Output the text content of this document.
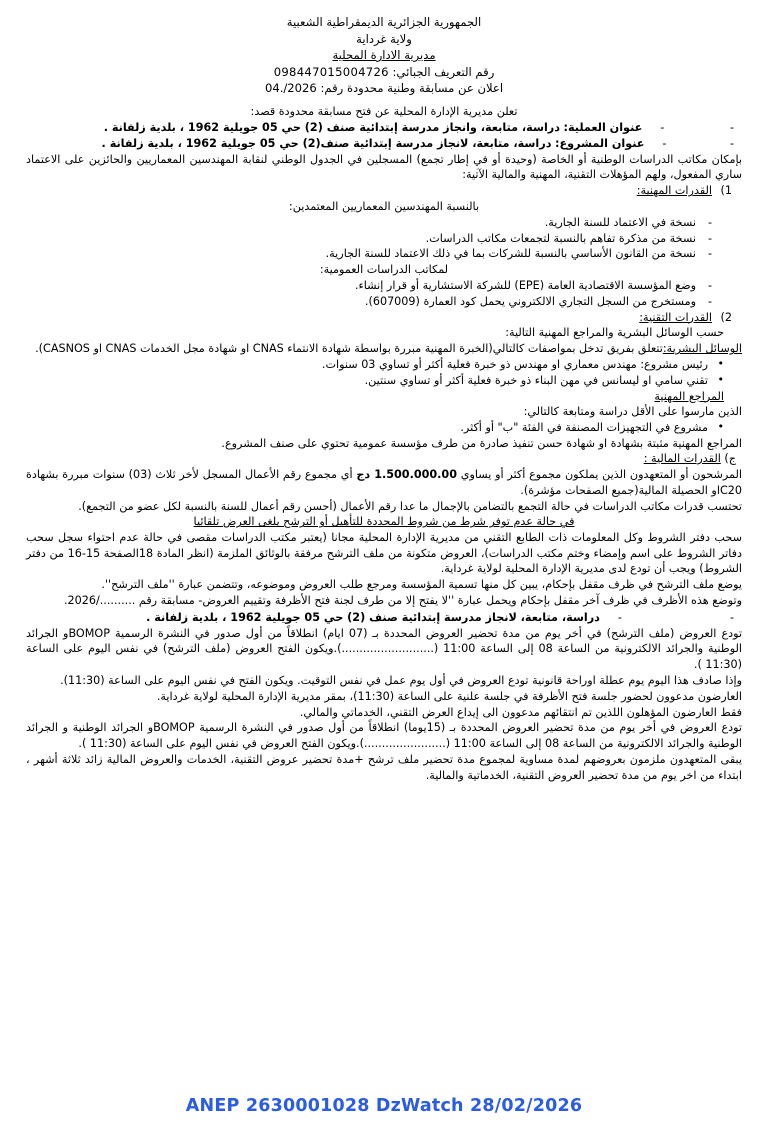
الجمهورية الجزائرية الديمقراطية الشعبية
ولاية غرداية
مديرية الادارة المحلية
رقم التعريف الجبائي: 098447015004726
اعلان عن مسابقة وطنية محدودة رقم: 2026/.04
تعلن مديرية الإدارة المحلية عن فتح مسابقة محدودة قصد:
- -عنوان العملية: دراسة، متابعة، وانجاز مدرسة إبتدائية صنف (2) حي 05 جويلية 1962 ، بلدية زلفانة .
- -عنوان المشروع: دراسة، متابعة، لانجاز مدرسة إبتدائية صنف(2) حي 05 جويلية 1962 ، بلدية زلفانة .
بإمكان مكاتب الدراسات الوطنية أو الخاصة (وحيدة أو في إطار تجمع) المسجلين في الجدول الوطني لنقابة المهندسين المعماريين والحائزين على الاعتماد ساري المفعول، ولهم المؤهلات التقنية، المهنية والمالية الآتية:
1)
القدرات المهنية:
بالنسبة المهندسين المعماريين المعتمدين:
- نسخة في الاعتماد للسنة الجارية.
- نسخة من مذكرة تفاهم بالنسبة لتجمعات مكاتب الدراسات.
- نسخة من القانون الأساسي بالنسبة للشركات بما في ذلك الاعتماد للسنة الجارية.
لمكاتب الدراسات العمومية:
- وضع المؤسسة الاقتصادية العامة (EPE) للشركة الاستشارية أو قرار إنشاء.
- ومستخرج من السجل التجاري الالكتروني يحمل كود العمارة (607009).
2)
القدرات التقنية:
حسب الوسائل البشرية والمراجع المهنية التالية:
الوسائل البشرية:تتعلق بفريق تدخل بمواصفات كالتالي(الخبرة المهنية مبررة بواسطة شهادة الانتماء CNAS او شهادة مجل الخدمات CNAS او CASNOS).
• رئيس مشروع: مهندس معماري او مهندس ذو خبرة فعلية أكثر أو تساوي 03 سنوات.
• تقني سامي او ليسانس في مهن البناء ذو خبرة فعلية أكثر أو تساوي سنتين.
المراجع المهنية
الذين مارسوا على الأقل دراسة ومتابعة كالتالي:
• مشروع في التجهيزات المصنفة في الفئة "ب" أو أكثر.
المراجع المهنية مثبتة بشهادة او شهادة حسن تنفيذ صادرة من طرف مؤسسة عمومية تحتوي على صنف المشروع.
ج) القدرات المالية :
المرشحون أو المتعهدون الذين يملكون مجموع أكثر أو يساوي 1.500.000.00 دج أي مجموع رقم الأعمال المسجل لأخر ثلاث (03) سنوات مبررة بشهادة C20او الحصيلة المالية(جميع الصفحات مؤشرة).
تحتسب قدرات مكاتب الدراسات في حالة التجمع بالتضامن بالإجمال ما عدا رقم الأعمال (أحسن رقم أعمال للسنة بالنسبة لكل عضو من التجمع).
في حالة عدم توفر شرط من شروط المحددة للتأهيل أو الترشح يلغى العرض تلقائيا
سحب دفتر الشروط وكل المعلومات ذات الطابع التقني من مديرية الإدارة المحلية مجانا (يعتبر مكتب الدراسات مقصى في حالة عدم احتواء سجل سحب دفاتر الشروط على اسم وإمضاء وختم مكتب الدراسات)، العروض متكونة من ملف الترشح مرفقة بالوثائق الملزمة (انظر المادة 18الصفحة 15-16 من دفتر الشروط) ويجب أن تودع لدى مديرية الإدارة المحلية لولاية غرداية.
يوضع ملف الترشح في ظرف مقفل بإحكام، يبين كل منها تسمية المؤسسة ومرجع طلب العروض وموضوعه، وتتضمن عبارة ''ملف الترشح''.
وتوضع هذه الأظرف في ظرف آخر مقفل بإحكام ويحمل عبارة ''لا يفتح إلا من طرف لجنة فتح الأظرفة وتقييم العروض- مسابقة رقم ........../2026.
- -دراسة، متابعة، لانجاز مدرسة إبتدائية صنف (2) حي 05 جويلية 1962 ، بلدية زلفانة .
تودع العروض (ملف الترشح) في أخر يوم من مدة تحضير العروض المحددة بـ (07 ايام) انطلاقاً من أول صدور في النشرة الرسمية BOMOPو الجرائد الوطنية والجرائد الالكترونية من الساعة 08 إلى الساعة 11:00 (..........................).ويكون الفتح العروض (ملف الترشح) في نفس اليوم على الساعة (11:30 ).
وإذا صادف هذا اليوم يوم عطلة اوراحة قانونية تودع العروض في أول يوم عمل في نفس التوقيت. ويكون الفتح في نفس اليوم على الساعة (11:30).
العارضون مدعوون لحضور جلسة فتح الأظرفة في جلسة علنية على الساعة (11:30)، بمقر مديرية الإدارة المحلية لولاية غرداية.
فقط العارضون المؤهلون اللذين تم انتقائهم مدعوون الى إيداع العرض التقني، الخدماتي والمالي.
تودع العروض في أخر يوم من مدة تحضير العروض المحددة بـ (15يوما) انطلاقاً من أول صدور في النشرة الرسمية BOMOPو الجرائد الوطنية و الجرائد الوطنية والجرائد الالكترونية من الساعة 08 إلى الساعة 11:00 (.......................).ويكون الفتح العروض في نفس اليوم على الساعة (11:30 ).
يبقى المتعهدون ملزمون بعروضهم لمدة مساوية لمجموع مدة تحضير ملف ترشح +مدة تحضير عروض التقنية، الخدمات والعروض المالية زائد ثلاثة أشهر ، ابتداء من اخر يوم من مدة تحضير العروض التقنية، الخدماتية والمالية.
ANEP 2630001028 DzWatch 28/02/2026
